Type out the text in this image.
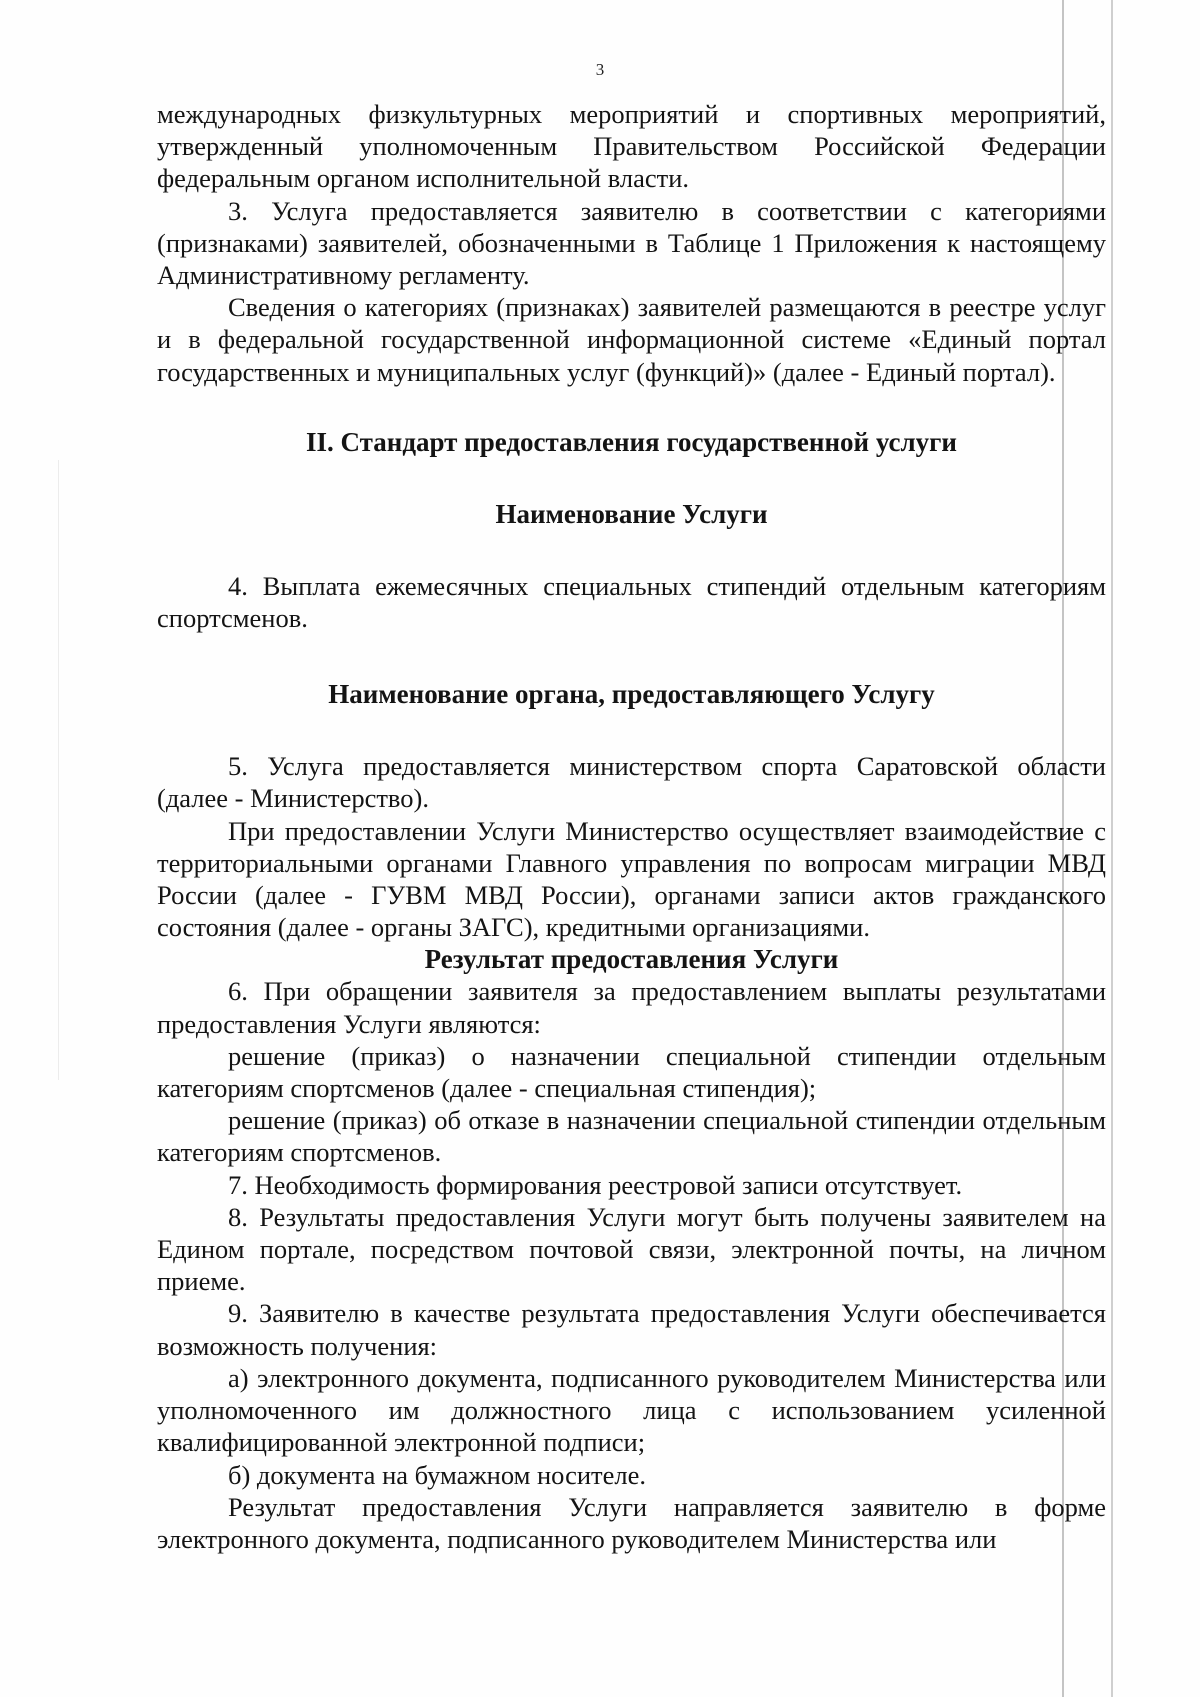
3

международных физкультурных мероприятий и спортивных мероприятий, утвержденный уполномоченным Правительством Российской Федерации федеральным органом исполнительной власти.

3. Услуга предоставляется заявителю в соответствии с категориями (признаками) заявителей, обозначенными в Таблице 1 Приложения к настоящему Административному регламенту.

Сведения о категориях (признаках) заявителей размещаются в реестре услуг и в федеральной государственной информационной системе «Единый портал государственных и муниципальных услуг (функций)» (далее - Единый портал).

II. Стандарт предоставления государственной услуги
Наименование Услуги

4. Выплата ежемесячных специальных стипендий отдельным категориям спортсменов.

Наименование органа, предоставляющего Услугу

5. Услуга предоставляется министерством спорта Саратовской области (далее - Министерство).

При предоставлении Услуги Министерство осуществляет взаимодействие с территориальными органами Главного управления по вопросам миграции МВД России (далее - ГУВМ МВД России), органами записи актов гражданского состояния (далее - органы ЗАГС), кредитными организациями.

Результат предоставления Услуги

6. При обращении заявителя за предоставлением выплаты результатами предоставления Услуги являются:

решение (приказ) о назначении специальной стипендии отдельным категориям спортсменов (далее - специальная стипендия);

решение (приказ) об отказе в назначении специальной стипендии отдельным категориям спортсменов.

7. Необходимость формирования реестровой записи отсутствует.

8. Результаты предоставления Услуги могут быть получены заявителем на Едином портале, посредством почтовой связи, электронной почты, на личном приеме.

9. Заявителю в качестве результата предоставления Услуги обеспечивается возможность получения:

а) электронного документа, подписанного руководителем Министерства или уполномоченного им должностного лица с использованием усиленной квалифицированной электронной подписи;

б) документа на бумажном носителе.

Результат предоставления Услуги направляется заявителю в форме электронного документа, подписанного руководителем Министерства или
